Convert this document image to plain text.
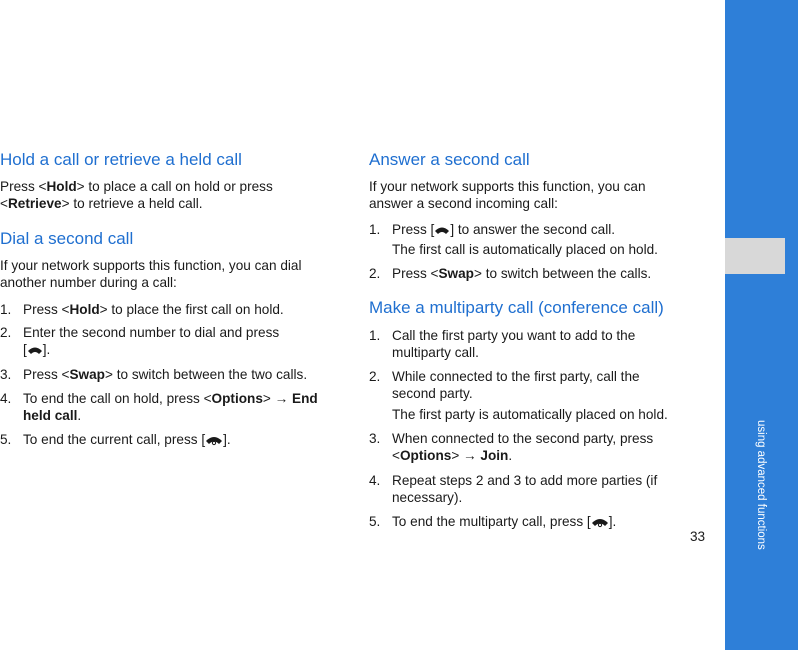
Hold a call or retrieve a held call
Press <Hold> to place a call on hold or press
<Retrieve> to retrieve a held call.
Dial a second call
If your network supports this function, you can dial
another number during a call:
1. Press <Hold> to place the first call on hold.
2. Enter the second number to dial and press
[ ].
3. Press <Swap> to switch between the two calls.
4. To end the call on hold, press <Options> → End
held call.
5. To end the current call, press [ ].
Answer a second call
If your network supports this function, you can
answer a second incoming call:
1. Press [ ] to answer the second call.
The first call is automatically placed on hold.
2. Press <Swap> to switch between the calls.
Make a multiparty call (conference call)
1. Call the first party you want to add to the
multiparty call.
2. While connected to the first party, call the
second party.
The first party is automatically placed on hold.
3. When connected to the second party, press
<Options> → Join.
4. Repeat steps 2 and 3 to add more parties (if
necessary).
5. To end the multiparty call, press [ ].
33	using advanced functions
